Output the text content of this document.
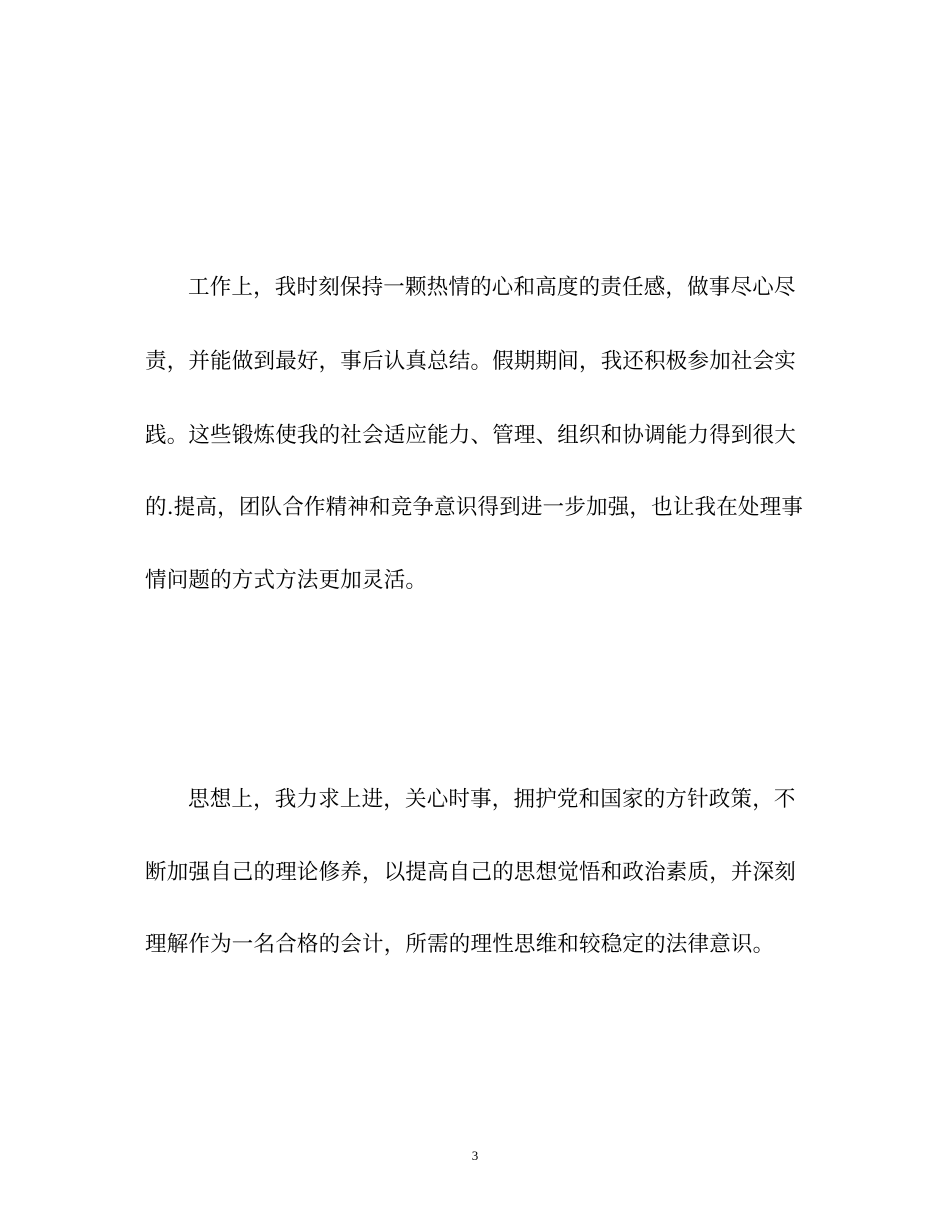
工作上，我时刻保持一颗热情的心和高度的责任感，做事尽心尽
责，并能做到最好，事后认真总结。假期期间，我还积极参加社会实
践。这些锻炼使我的社会适应能力、管理、组织和协调能力得到很大
的.提高，团队合作精神和竞争意识得到进一步加强，也让我在处理事
情问题的方式方法更加灵活。
思想上，我力求上进，关心时事，拥护党和国家的方针政策，不
断加强自己的理论修养，以提高自己的思想觉悟和政治素质，并深刻
理解作为一名合格的会计，所需的理性思维和较稳定的法律意识。
3
